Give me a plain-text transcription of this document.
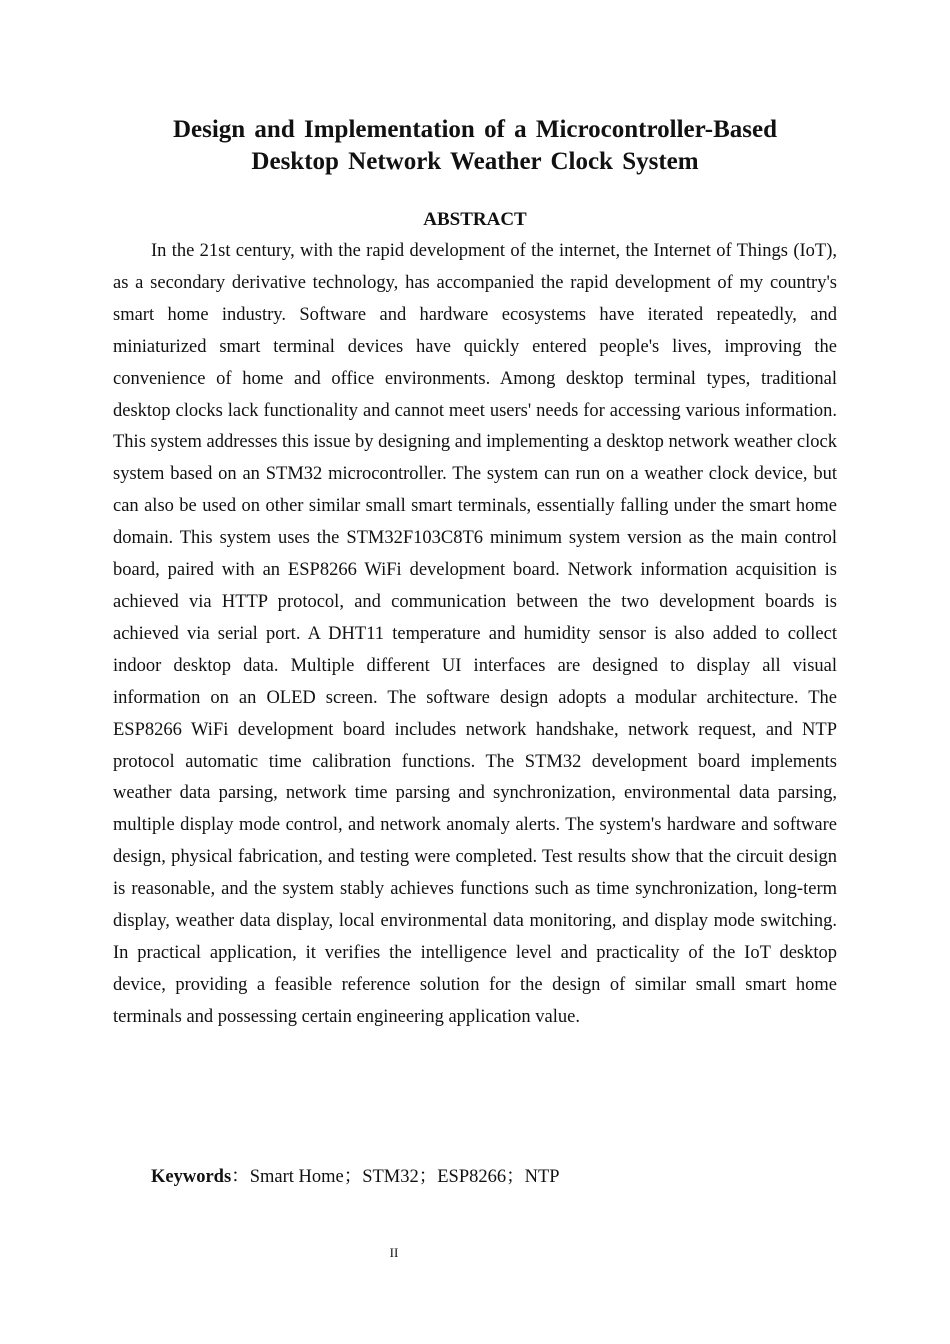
Design and Implementation of a Microcontroller-Based
Desktop Network Weather Clock System
ABSTRACT

In the 21st century, with the rapid development of the internet, the Internet of Things (IoT), as a secondary derivative technology, has accompanied the rapid development of my country's smart home industry. Software and hardware ecosystems have iterated repeatedly, and miniaturized smart terminal devices have quickly entered people's lives, improving the convenience of home and office environments. Among desktop terminal types, traditional desktop clocks lack functionality and cannot meet users' needs for accessing various information. This system addresses this issue by designing and implementing a desktop network weather clock system based on an STM32 microcontroller. The system can run on a weather clock device, but can also be used on other similar small smart terminals, essentially falling under the smart home domain. This system uses the STM32F103C8T6 minimum system version as the main control board, paired with an ESP8266 WiFi development board. Network information acquisition is achieved via HTTP protocol, and communication between the two development boards is achieved via serial port. A DHT11 temperature and humidity sensor is also added to collect indoor desktop data. Multiple different UI interfaces are designed to display all visual information on an OLED screen. The software design adopts a modular architecture. The ESP8266 WiFi development board includes network handshake, network request, and NTP protocol automatic time calibration functions. The STM32 development board implements weather data parsing, network time parsing and synchronization, environmental data parsing, multiple display mode control, and network anomaly alerts. The system's hardware and software design, physical fabrication, and testing were completed. Test results show that the circuit design is reasonable, and the system stably achieves functions such as time synchronization, long-term display, weather data display, local environmental data monitoring, and display mode switching. In practical application, it verifies the intelligence level and practicality of the IoT desktop device, providing a feasible reference solution for the design of similar small smart home terminals and possessing certain engineering application value.

Keywords：Smart Home；STM32；ESP8266；NTP

II
